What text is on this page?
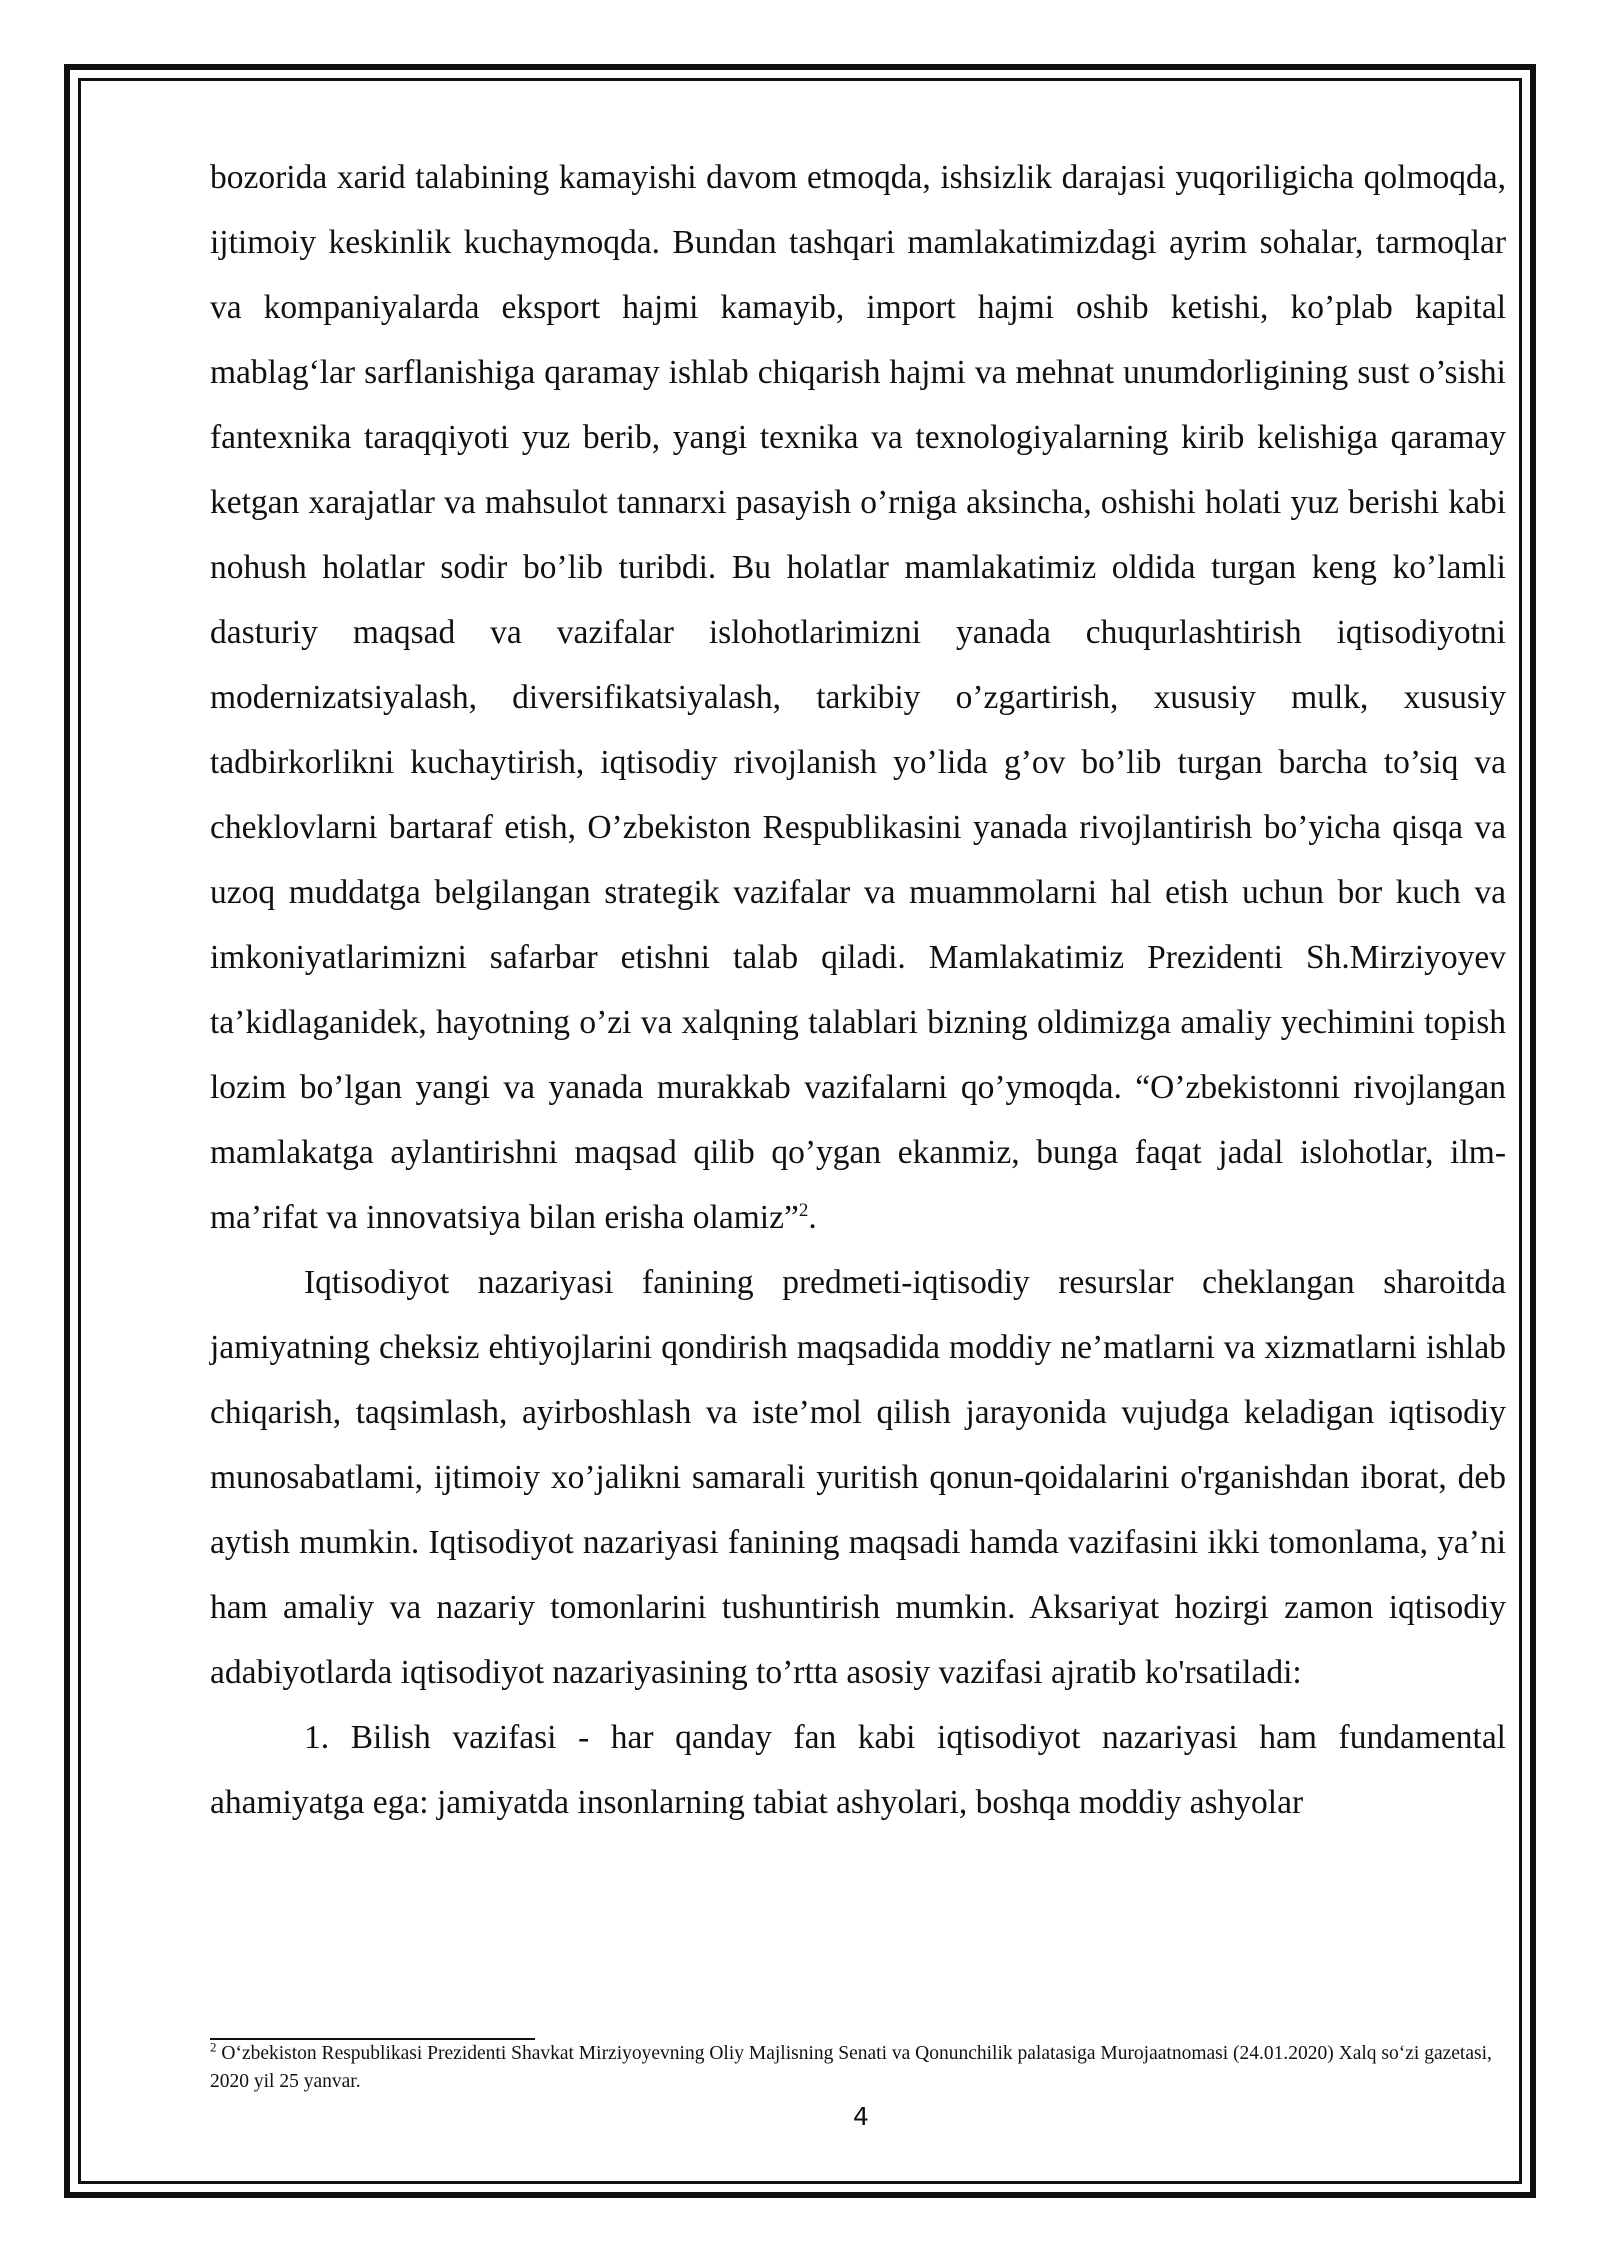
bozorida xarid talabining kamayishi davom etmoqda, ishsizlik darajasi yuqoriligicha qolmoqda, ijtimoiy keskinlik kuchaymoqda. Bundan tashqari mamlakatimizdagi ayrim sohalar, tarmoqlar va kompaniyalarda eksport hajmi kamayib, import hajmi oshib ketishi, ko’plab kapital mablag‘lar sarflanishiga qaramay ishlab chiqarish hajmi va mehnat unumdorligining sust o’sishi fantexnika taraqqiyoti yuz berib, yangi texnika va texnologiyalarning kirib kelishiga qaramay ketgan xarajatlar va mahsulot tannarxi pasayish o’rniga aksincha, oshishi holati yuz berishi kabi nohush holatlar sodir bo’lib turibdi. Bu holatlar mamlakatimiz oldida turgan keng ko’lamli dasturiy maqsad va vazifalar islohotlarimizni yanada chuqurlashtirish iqtisodiyotni modernizatsiyalash, diversifikatsiyalash, tarkibiy o’zgartirish, xususiy mulk, xususiy tadbirkorlikni kuchaytirish, iqtisodiy rivojlanish yo’lida g’ov bo’lib turgan barcha to’siq va cheklovlarni bartaraf etish, O’zbekiston Respublikasini yanada rivojlantirish bo’yicha qisqa va uzoq muddatga belgilangan strategik vazifalar va muammolarni hal etish uchun bor kuch va imkoniyatlarimizni safarbar etishni talab qiladi. Mamlakatimiz Prezidenti Sh.Mirziyoyev ta’kidlaganidek, hayotning o’zi va xalqning talablari bizning oldimizga amaliy yechimini topish lozim bo’lgan yangi va yanada murakkab vazifalarni qo’ymoqda. “O’zbekistonni rivojlangan mamlakatga aylantirishni maqsad qilib qo’ygan ekanmiz, bunga faqat jadal islohotlar, ilm-ma’rifat va innovatsiya bilan erisha olamiz”$^2$.

Iqtisodiyot nazariyasi fanining predmeti-iqtisodiy resurslar cheklangan sharoitda jamiyatning cheksiz ehtiyojlarini qondirish maqsadida moddiy ne’matlarni va xizmatlarni ishlab chiqarish, taqsimlash, ayirboshlash va iste’mol qilish jarayonida vujudga keladigan iqtisodiy munosabatlami, ijtimoiy xo’jalikni samarali yuritish qonun-qoidalarini o'rganishdan iborat, deb aytish mumkin. Iqtisodiyot nazariyasi fanining maqsadi hamda vazifasini ikki tomonlama, ya’ni ham amaliy va nazariy tomonlarini tushuntirish mumkin. Aksariyat hozirgi zamon iqtisodiy adabiyotlarda iqtisodiyot nazariyasining to’rtta asosiy vazifasi ajratib ko'rsatiladi:

1. Bilish vazifasi - har qanday fan kabi iqtisodiyot nazariyasi ham fundamental ahamiyatga ega: jamiyatda insonlarning tabiat ashyolari, boshqa moddiy ashyolar

$^2$ O‘zbekiston Respublikasi Prezidenti Shavkat Mirziyoyevning Oliy Majlisning Senati va Qonunchilik palatasiga Murojaatnomasi (24.01.2020) Xalq so‘zi gazetasi, 2020 yil 25 yanvar.
4
